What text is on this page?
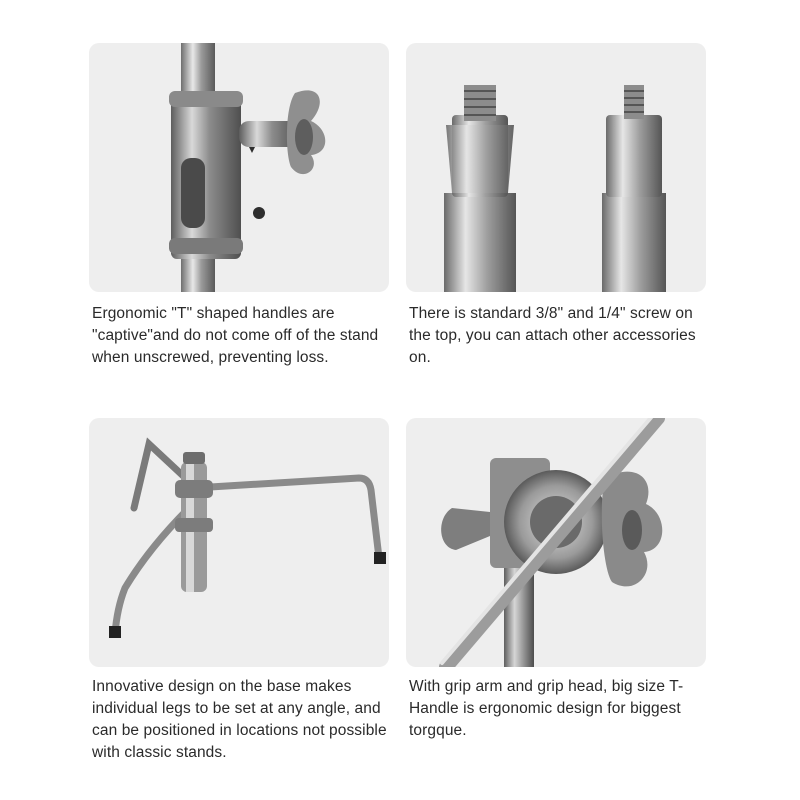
Ergonomic "T" shaped handles are "captive"and do not come off of the stand when unscrewed, preventing loss.

There is standard 3/8" and 1/4" screw on the top, you can attach other accessories on.

Innovative design on the base makes individual legs to be set at any angle, and can be positioned in locations not possible with classic stands.

With grip arm and grip head, big size T-Handle is ergonomic design for biggest torgque.
